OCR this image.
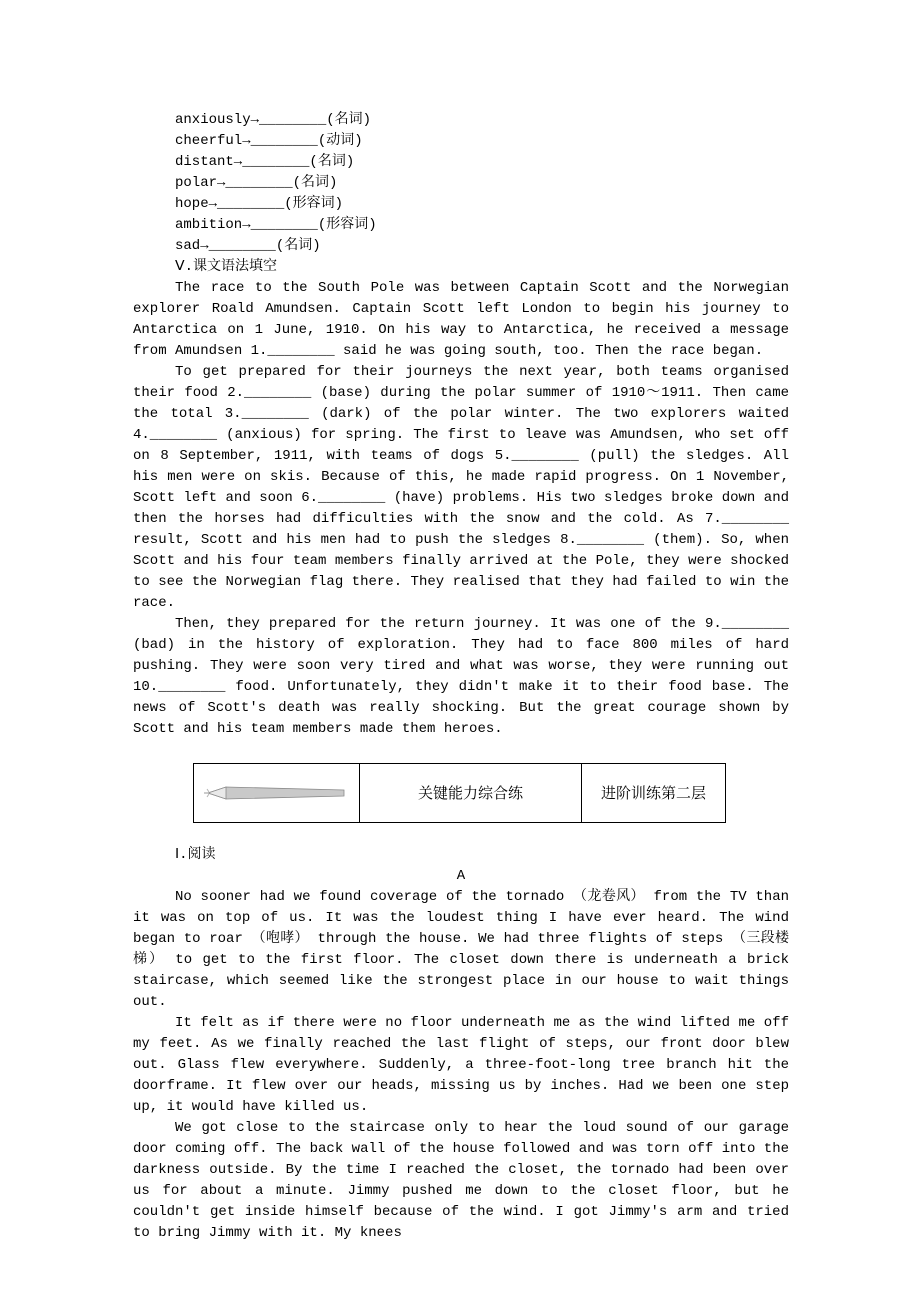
anxiously→________(名词)
cheerful→________(动词)
distant→________(名词)
polar→________(名词)
hope→________(形容词)
ambition→________(形容词)
sad→________(名词)
Ⅴ.课文语法填空

The race to the South Pole was between Captain Scott and the Norwegian explorer Roald Amundsen. Captain Scott left London to begin his journey to Antarctica on 1 June, 1910. On his way to Antarctica, he received a message from Amundsen 1.________ said he was going south, too. Then the race began.

To get prepared for their journeys the next year, both teams organised their food 2.________ (base) during the polar summer of 1910～1911. Then came the total 3.________ (dark) of the polar winter. The two explorers waited 4.________ (anxious) for spring. The first to leave was Amundsen, who set off on 8 September, 1911, with teams of dogs 5.________ (pull) the sledges. All his men were on skis. Because of this, he made rapid progress. On 1 November, Scott left and soon 6.________ (have) problems. His two sledges broke down and then the horses had difficulties with the snow and the cold. As 7.________ result, Scott and his men had to push the sledges 8.________ (them). So, when Scott and his four team members finally arrived at the Pole, they were shocked to see the Norwegian flag there. They realised that they had failed to win the race.

Then, they prepared for the return journey. It was one of the 9.________ (bad) in the history of exploration. They had to face 800 miles of hard pushing. They were soon very tired and what was worse, they were running out 10.________ food. Unfortunately, they didn't make it to their food base. The news of Scott's death was really shocking. But the great courage shown by Scott and his team members made them heroes.

关键能力综合练	进阶训练第二层
Ⅰ.阅读
A

No sooner had we found coverage of the tornado （龙卷风） from the TV than it was on top of us. It was the loudest thing I have ever heard. The wind began to roar （咆哮） through the house. We had three flights of steps （三段楼梯） to get to the first floor. The closet down there is underneath a brick staircase, which seemed like the strongest place in our house to wait things out.

It felt as if there were no floor underneath me as the wind lifted me off my feet. As we finally reached the last flight of steps, our front door blew out. Glass flew everywhere. Suddenly, a three-foot-long tree branch hit the doorframe. It flew over our heads, missing us by inches. Had we been one step up, it would have killed us.

We got close to the staircase only to hear the loud sound of our garage door coming off. The back wall of the house followed and was torn off into the darkness outside. By the time I reached the closet, the tornado had been over us for about a minute. Jimmy pushed me down to the closet floor, but he couldn't get inside himself because of the wind. I got Jimmy's arm and tried to bring Jimmy with it. My knees
